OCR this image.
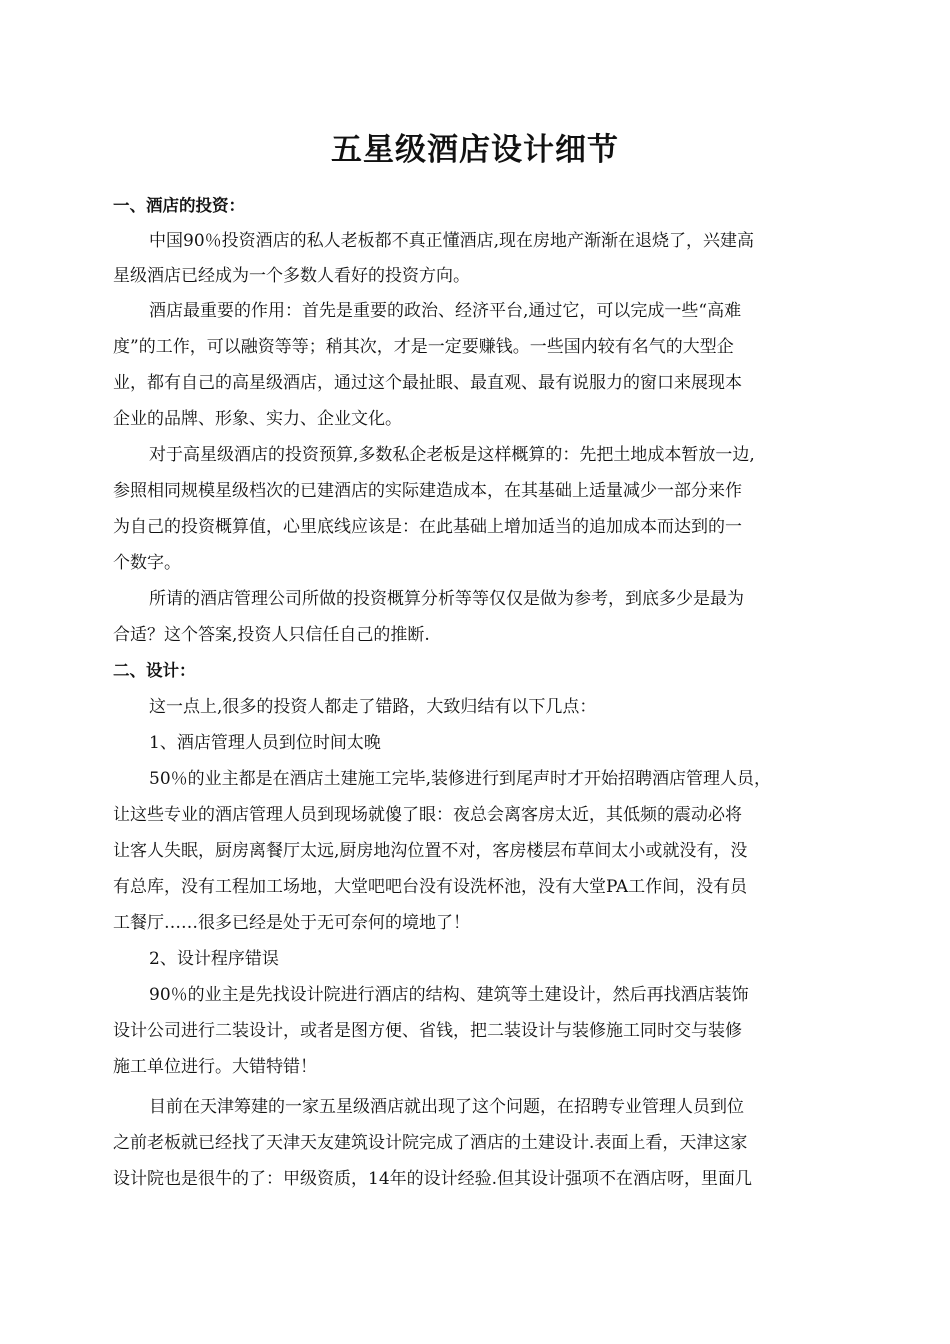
五星级酒店设计细节
一、酒店的投资：
中国90％投资酒店的私人老板都不真正懂酒店,现在房地产渐渐在退烧了，兴建高
星级酒店已经成为一个多数人看好的投资方向。
酒店最重要的作用：首先是重要的政治、经济平台,通过它，可以完成一些“高难
度”的工作，可以融资等等；稍其次，才是一定要赚钱。一些国内较有名气的大型企
业，都有自己的高星级酒店，通过这个最扯眼、最直观、最有说服力的窗口来展现本
企业的品牌、形象、实力、企业文化。
对于高星级酒店的投资预算,多数私企老板是这样概算的：先把土地成本暂放一边,
参照相同规模星级档次的已建酒店的实际建造成本，在其基础上适量减少一部分来作
为自己的投资概算值，心里底线应该是：在此基础上增加适当的追加成本而达到的一
个数字。
所请的酒店管理公司所做的投资概算分析等等仅仅是做为参考，到底多少是最为
合适？这个答案,投资人只信任自己的推断.
二、设计：
这一点上,很多的投资人都走了错路，大致归结有以下几点：
1、酒店管理人员到位时间太晚
50％的业主都是在酒店土建施工完毕,装修进行到尾声时才开始招聘酒店管理人员，
让这些专业的酒店管理人员到现场就傻了眼：夜总会离客房太近，其低频的震动必将
让客人失眠，厨房离餐厅太远,厨房地沟位置不对，客房楼层布草间太小或就没有，没
有总库，没有工程加工场地，大堂吧吧台没有设洗杯池，没有大堂PA工作间，没有员
工餐厅……很多已经是处于无可奈何的境地了！
2、设计程序错误
90％的业主是先找设计院进行酒店的结构、建筑等土建设计，然后再找酒店装饰
设计公司进行二装设计，或者是图方便、省钱，把二装设计与装修施工同时交与装修
施工单位进行。大错特错！
目前在天津筹建的一家五星级酒店就出现了这个问题，在招聘专业管理人员到位
之前老板就已经找了天津天友建筑设计院完成了酒店的土建设计.表面上看，天津这家
设计院也是很牛的了：甲级资质，14年的设计经验.但其设计强项不在酒店呀，里面几
